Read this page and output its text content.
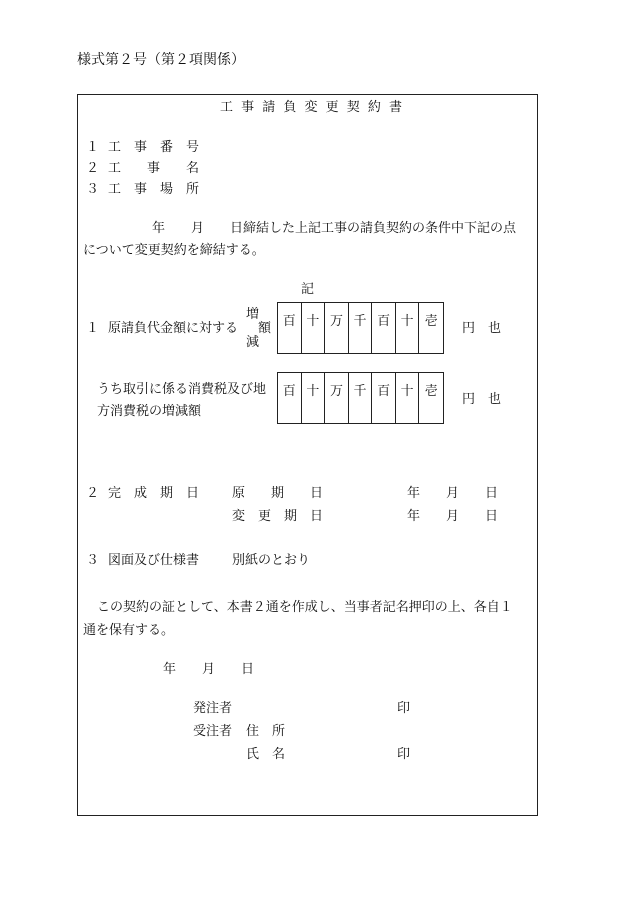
様式第２号（第２項関係）
工 事 請 負 変 更 契 約 書
１ 工　事　番　号
２ 工　　事　　名
３ 工　事　場　所
年　　月　　日締結した上記工事の請負契約の条件中下記の点
について変更契約を締結する。
記
１ 原請負代金額に対する
増
額
減
百 十 万 千 百 十 壱	円　也
うち取引に係る消費税及び地
方消費税の増減額
百 十 万 千 百 十 壱
円　也
２ 完　成　期　日	原　　期　　日	年　　月　　日
変　更　期　日	年　　月　　日
３ 図面及び仕様書	別紙のとおり
この契約の証として、本書２通を作成し、当事者記名押印の上、各自１
通を保有する。
年　　月　　日
発注者	印
受注者 住　所
氏　名	印
